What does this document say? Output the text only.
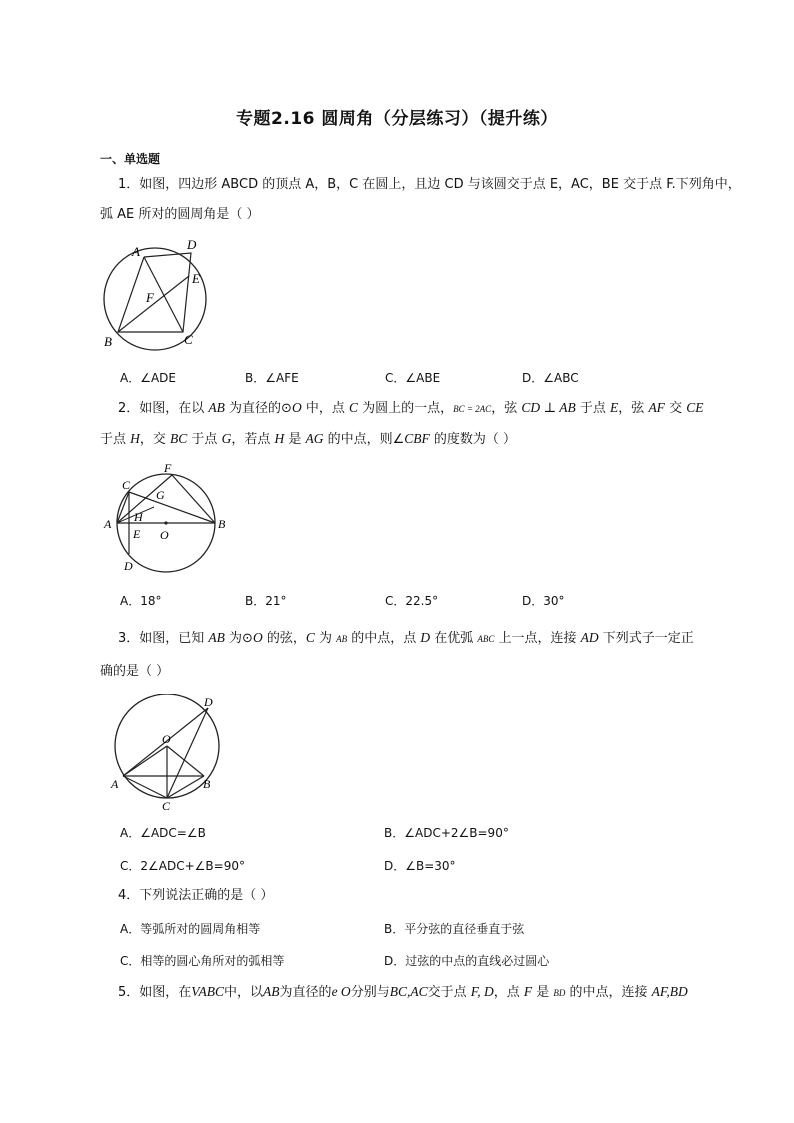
专题2.16 圆周角（分层练习）（提升练）
一、单选题
1．如图，四边形 ABCD 的顶点 A，B，C 在圆上，且边 CD 与该圆交于点 E，AC，BE 交于点 F.下列角中，
弧 AE 所对的圆周角是（ ）
A	D
E
F
B	C
A．∠ADE	B．∠AFE	C．∠ABE	D．∠ABC
2．如图，在以 AB 为直径的⊙O 中，点 C 为圆上的一点，BC = 2AC，弦 CD ⊥ AB 于点 E，弦 AF 交 CE
于点 H，交 BC 于点 G，若点 H 是 AG 的中点，则∠CBF 的度数为（ ）
F
C
G
A H	B
E O
D
A．18°	B．21°	C．22.5°	D．30°
3．如图，已知 AB 为⊙O 的弦，C 为 AB 的中点，点 D 在优弧 ABC 上一点，连接 AD 下列式子一定正
确的是（ ）
D
O
A	B
C
A．∠ADC=∠B	B．∠ADC+2∠B=90°
C．2∠ADC+∠B=90°	D．∠B=30°
4．下列说法正确的是（ ）
A．等弧所对的圆周角相等	B．平分弦的直径垂直于弦
C．相等的圆心角所对的弧相等	D．过弦的中点的直线必过圆心
5．如图，在VABC中，以AB为直径的e O分别与BC,AC交于点 F, D，点 F 是 BD 的中点，连接 AF,BD
